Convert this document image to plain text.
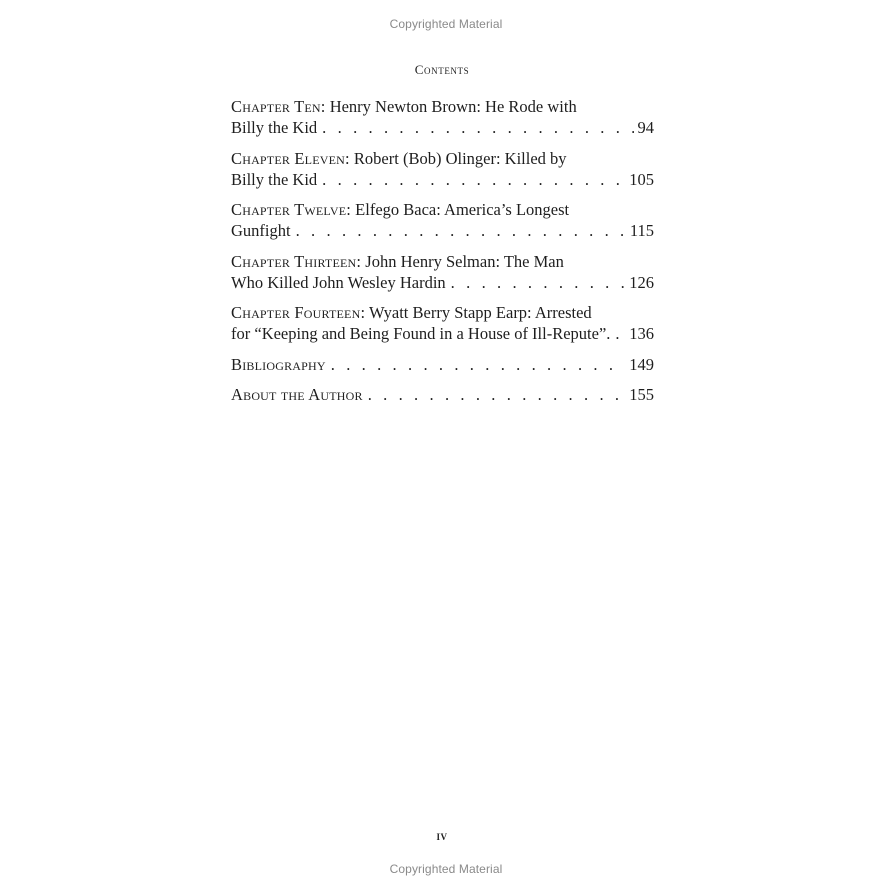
Copyrighted Material
Contents
Chapter Ten: Henry Newton Brown: He Rode with
Billy the Kid . . .	94
Chapter Eleven: Robert (Bob) Olinger: Killed by
Billy the Kid . . .	105
Chapter Twelve: Elfego Baca: America’s Longest
Gunfight . . .	115
Chapter Thirteen: John Henry Selman: The Man
Who Killed John Wesley Hardin . . .	126
Chapter Fourteen: Wyatt Berry Stapp Earp: Arrested
for “Keeping and Being Found in a House of Ill-Repute”. . . . 136
Bibliography . . .	149
About the Author . . .	155
iv
Copyrighted Material
